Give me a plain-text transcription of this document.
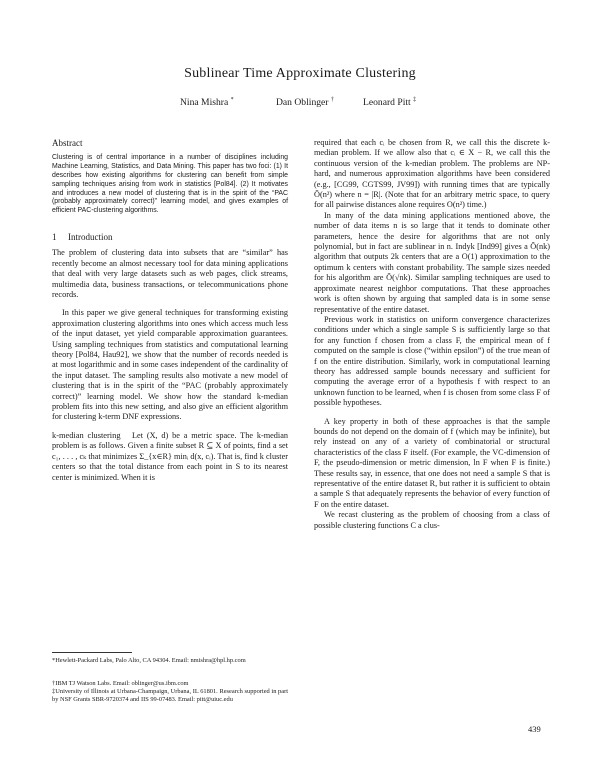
Sublinear Time Approximate Clustering
Nina Mishra *	Dan Oblinger †	Leonard Pitt ‡
Abstract

Clustering is of central importance in a number of disciplines including Machine Learning, Statistics, and Data Mining. This paper has two foci: (1) It describes how existing algorithms for clustering can benefit from simple sampling techniques arising from work in statistics [Pol84]. (2) It motivates and introduces a new model of clustering that is in the spirit of the “PAC (probably approximately correct)” learning model, and gives examples of efficient PAC-clustering algorithms.

1 Introduction

The problem of clustering data into subsets that are “similar” has recently become an almost necessary tool for data mining applications that deal with very large datasets such as web pages, click streams, multimedia data, business transactions, or telecommunications phone records.

In this paper we give general techniques for transforming existing approximation clustering algorithms into ones which access much less of the input dataset, yet yield comparable approximation guarantees. Using sampling techniques from statistics and computational learning theory [Pol84, Hau92], we show that the number of records needed is at most logarithmic and in some cases independent of the cardinality of the input dataset. The sampling results also motivate a new model of clustering that is in the spirit of the “PAC (probably approximately correct)” learning model. We show how the standard k-median problem fits into this new setting, and also give an efficient algorithm for clustering k-term DNF expressions.

k-median clustering Let (X, d) be a metric space. The k-median problem is as follows. Given a finite subset R ⊆ X of points, find a set c₁, . . . , cₖ that minimizes Σ_{x∈R} minᵢ d(x, cᵢ). That is, find k cluster centers so that the total distance from each point in S to its nearest center is minimized. When it is

*Hewlett-Packard Labs, Palo Alto, CA 94304. Email: nmishra@hpl.hp.com
†IBM TJ Watson Labs. Email: oblinger@us.ibm.com
‡University of Illinois at Urbana-Champaign, Urbana, IL 61801. Research supported in part by NSF Grants SBR-9720374 and IIS 99-07483. Email: pitt@uiuc.edu

required that each cᵢ be chosen from R, we call this the discrete k-median problem. If we allow also that cᵢ ∈ X − R, we call this the continuous version of the k-median problem. The problems are NP-hard, and numerous approximation algorithms have been considered (e.g., [CG99, CGTS99, JV99]) with running times that are typically Õ(n²) where n = |R|. (Note that for an arbitrary metric space, to query for all pairwise distances alone requires O(n²) time.)

In many of the data mining applications mentioned above, the number of data items n is so large that it tends to dominate other parameters, hence the desire for algorithms that are not only polynomial, but in fact are sublinear in n. Indyk [Ind99] gives a Õ(nk) algorithm that outputs 2k centers that are a O(1) approximation to the optimum k centers with constant probability. The sample sizes needed for his algorithm are Õ(√nk). Similar sampling techniques are used to approximate nearest neighbor computations. That these approaches work is often shown by arguing that sampled data is in some sense representative of the entire dataset.

Previous work in statistics on uniform convergence characterizes conditions under which a single sample S is sufficiently large so that for any function f chosen from a class F, the empirical mean of f computed on the sample is close (“within epsilon”) of the true mean of f on the entire distribution. Similarly, work in computational learning theory has addressed sample bounds necessary and sufficient for computing the average error of a hypothesis f with respect to an unknown function to be learned, when f is chosen from some class F of possible hypotheses.

A key property in both of these approaches is that the sample bounds do not depend on the domain of f (which may be infinite), but rely instead on any of a variety of combinatorial or structural characteristics of the class F itself. (For example, the VC-dimension of F, the pseudo-dimension or metric dimension, ln F when F is finite.) These results say, in essence, that one does not need a sample S that is representative of the entire dataset R, but rather it is sufficient to obtain a sample S that adequately represents the behavior of every function of F on the entire dataset.

We recast clustering as the problem of choosing from a class of possible clustering functions C a clus-

439
